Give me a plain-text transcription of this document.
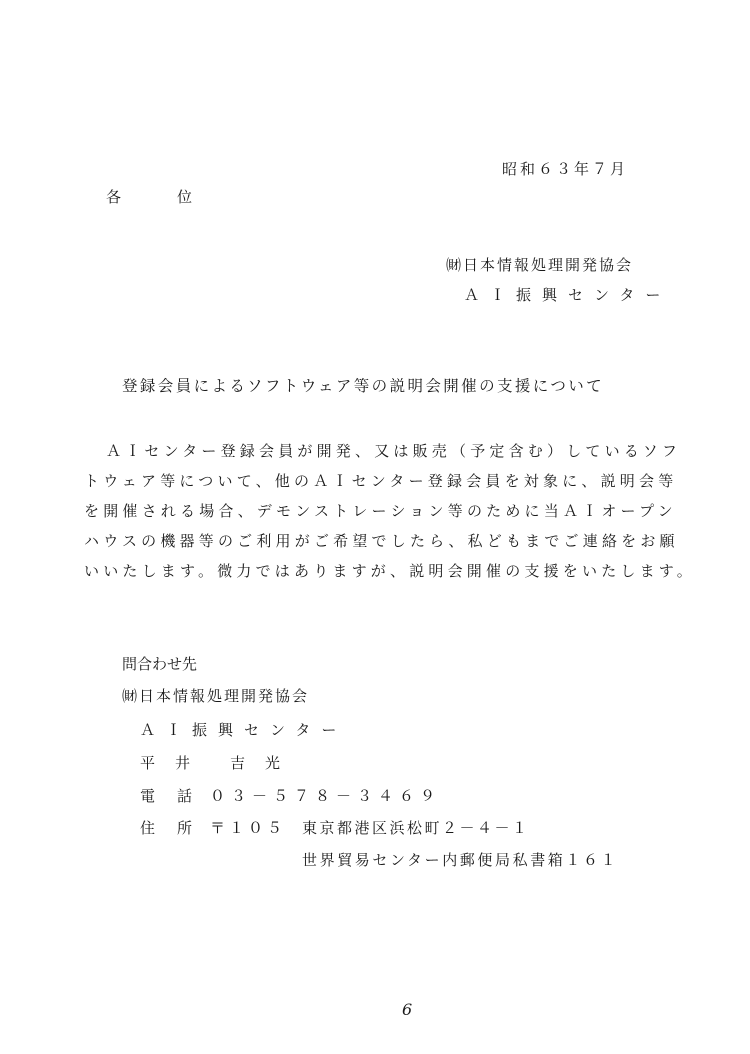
昭和６３年７月
各	位
㈶日本情報処理開発協会
ＡＩ振興センター
登録会員によるソフトウェア等の説明会開催の支援について
ＡＩセンター登録会員が開発、又は販売（予定含む）しているソフ
トウェア等について、他のＡＩセンター登録会員を対象に、説明会等
を開催される場合、デモンストレーション等のために当ＡＩオープン
ハウスの機器等のご利用がご希望でしたら、私どもまでご連絡をお願
いいたします。微力ではありますが、説明会開催の支援をいたします。
問合わせ先
㈶日本情報処理開発協会
ＡＩ振興センター
平井 吉光
電話０３－５７８－３４６９
住所〒１０５ 東京都港区浜松町２－４－１
世界貿易センター内郵便局私書箱１６１
6
